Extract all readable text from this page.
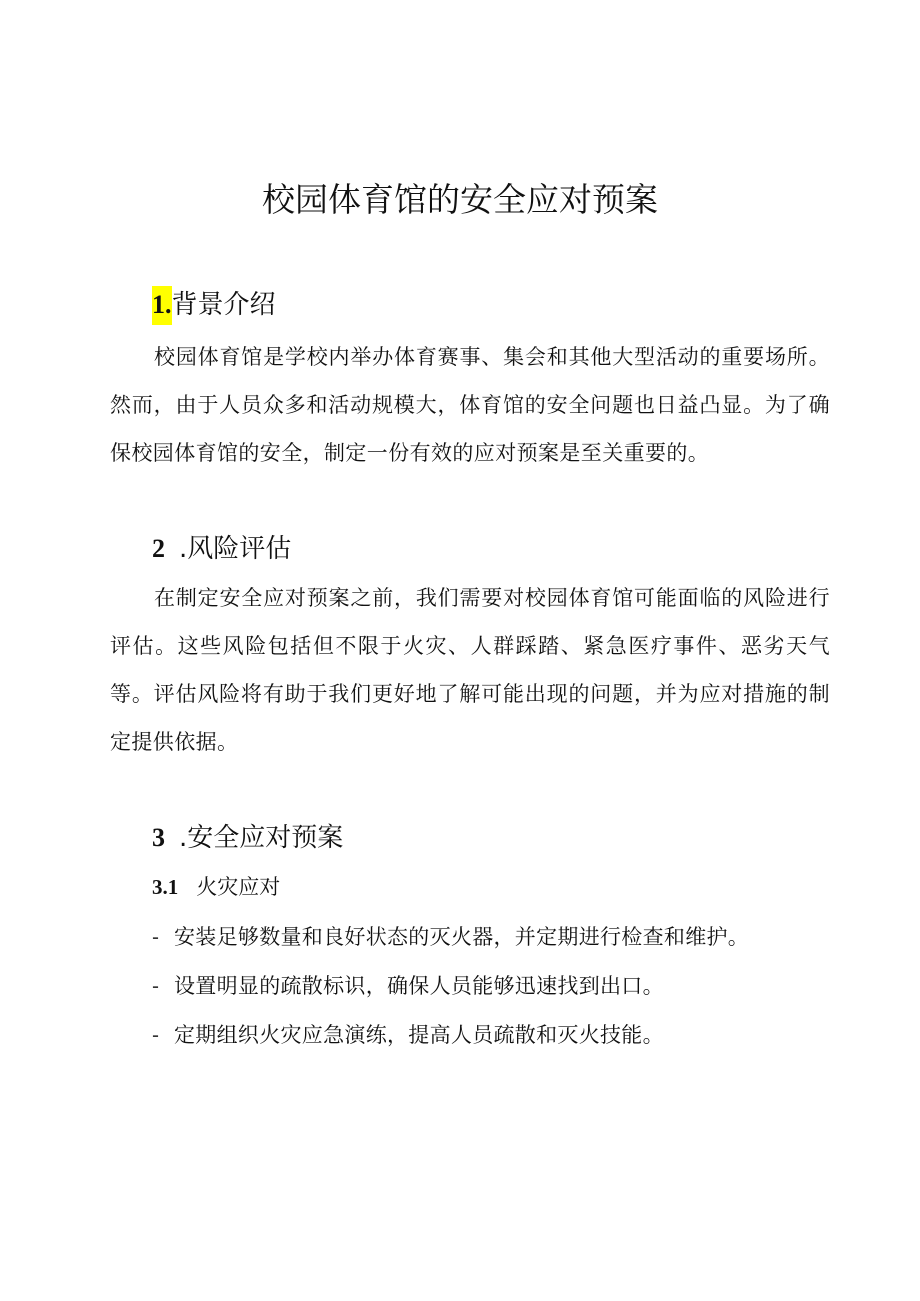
校园体育馆的安全应对预案
1.背景介绍

校园体育馆是学校内举办体育赛事、集会和其他大型活动的重要场所。然而，由于人员众多和活动规模大，体育馆的安全问题也日益凸显。为了确保校园体育馆的安全，制定一份有效的应对预案是至关重要的。

2 .风险评估

在制定安全应对预案之前，我们需要对校园体育馆可能面临的风险进行评估。这些风险包括但不限于火灾、人群踩踏、紧急医疗事件、恶劣天气等。评估风险将有助于我们更好地了解可能出现的问题，并为应对措施的制定提供依据。

3 .安全应对预案
3.1 火灾应对
- 安装足够数量和良好状态的灭火器，并定期进行检查和维护。
- 设置明显的疏散标识，确保人员能够迅速找到出口。
- 定期组织火灾应急演练，提高人员疏散和灭火技能。
